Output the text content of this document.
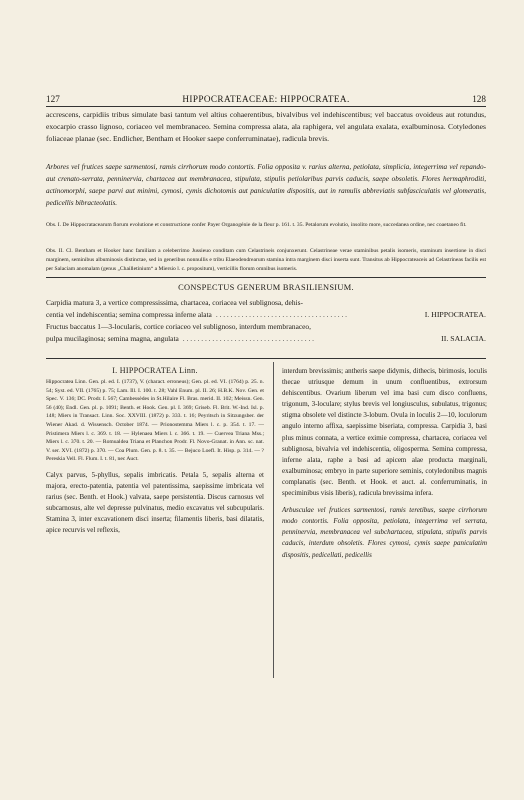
127	HIPPOCRATEACEAE: HIPPOCRATEA.	128
accrescens, carpidiis tribus simulate basi tantum vel altius cohaerentibus, bivalvibus vel indehiscentibus; vel baccatus ovoideus aut rotundus, exocarpio crasso lignoso, coriaceo vel membranaceo. Semina compressa alata, ala raphigera, vel angulata exalata, exalbuminosa. Cotyledones foliaceae planae (sec. Endlicher, Bentham et Hooker saepe conferruminatae), radicula brevis.
Arbores vel frutices saepe sarmentosi, ramis cirrhorum modo contortis. Folia opposita v. rarius alterna, petiolata, simplicia, integerrima vel repando- aut crenato-serrata, penninervia, chartacea aut membranacea, stipulata, stipulis petiolaribus parvis caducis, saepe obsoletis. Flores hermaphroditi, actinomorphi, saepe parvi aut minimi, cymosi, cymis dichotomis aut paniculatim dispositis, aut in ramulis abbreviatis subfasciculatis vel glomeratis, pedicellis bibracteolatis.
Obs. I. De Hippocratacearum florum evolutione et constructione confer Payer Organogénie de la fleur p. 161. t. 35. Petalorum evolutio, insolito more, succedanea ordine, nec coaetaneo fit.
Obs. II. Cl. Bentham et Hooker hanc familiam a celeberrimo Jussieuo conditam cum Celastrineis conjunxerunt. Celastrineae verae staminibus petalis isomeris, staminum insertione in disci marginem, seminibus albuminosis distinctae, sed in generibus nonnullis e tribu Elaeodendrearum stamina intra marginem disci inserta sunt. Transitus ab Hippocrateaceis ad Celastrineas facilis est per Salaciam anomalam (genus „Chailletinium“ a Miersio l. c. propositum), verticillis florum omnibus isomeris.
CONSPECTUS GENERUM BRASILIENSIUM.
Carpidia matura 3, a vertice compressissima, chartacea, coriacea vel sublignosa, dehis-
centia vel indehiscentia; semina compressa inferne alata . . . . . . . . . . . . . . . . . . . . . . . . . . . . . . . . . . . .	I. HIPPOCRATEA.
Fructus baccatus 1—3-locularis, cortice coriaceo vel sublignoso, interdum membranaceo,
pulpa mucilaginosa; semina magna, angulata . . . . . . . . . . . . . . . . . . . . . . . . . . . . . . . . . . . .	II. SALACIA.
I. HIPPOCRATEA Linn.
Hippocratea Linn. Gen. pl. ed. I. (1737), V. (charact. erroneus); Gen. pl. ed. VI. (1764) p. 25. n. 54; Syst. ed. VII. (1765) p. 75; Lam. Ill. I. 100. t. 28; Vahl Enum. pl. II. 26; H.B.K. Nov. Gen. et Spec. V. 136; DC. Prodr. I. 567; Cambessèdes in St.Hilaire Fl. Bras. merid. II. 102; Meissn. Gen. 56 (40); Endl. Gen. pl. p. 1091; Benth. et Hook. Gen. pl. I. 369; Griseb. Fl. Brit. W.-Ind. Isl. p. 148; Miers in Transact. Linn. Soc. XXVIII. (1872) p. 333. t. 16; Peyritsch in Sitzungsber. der Wiener Akad. d. Wissensch. October 1874. — Prionostemma Miers l. c. p. 354. t. 17. — Pristimera Miers l. c. 369. t. 18. — Hylenaea Miers l. c. 366. t. 19. — Cuervea Triana Mss.; Miers l. c. 370. t. 20. — Romualdea Triana et Planchon Prodr. Fl. Novo-Granat. in Ann. sc. nat. V. ser. XVI. (1872) p. 370. — Coa Plum. Gen. p. 8. t. 35. — Bejuco Loefl. It. Hisp. p. 314. — ? Pereskia Vell. Fl. Flum. I. t. 81, nec Auct.
Calyx parvus, 5-phyllus, sepalis imbricatis. Petala 5, sepalis alterna et majora, erecto-patentia, patentia vel patentissima, saepissime imbricata vel rarius (sec. Benth. et Hook.) valvata, saepe persistentia. Discus carnosus vel subcarnosus, alte vel depresse pulvinatus, medio excavatus vel subcupularis. Stamina 3, inter excavationem disci inserta; filamentis liberis, basi dilatatis, apice recurvis vel reflexis,
interdum brevissimis; antheris saepe didymis, dithecis, birimosis, loculis thecae utriusque demum in unum confluentibus, extrorsum dehiscentibus. Ovarium liberum vel ima basi cum disco confluens, trigonum, 3-loculare; stylus brevis vel longiusculus, subulatus, trigonus; stigma obsolete vel distincte 3-lobum. Ovula in loculis 2—10, loculorum angulo interno affixa, saepissime biseriata, compressa. Carpidia 3, basi plus minus connata, a vertice eximie compressa, chartacea, coriacea vel sublignosa, bivalvia vel indehiscentia, oligosperma. Semina compressa, inferne alata, raphe a basi ad apicem alae producta marginali, exalbuminosa; embryo in parte superiore seminis, cotyledonibus magnis complanatis (sec. Benth. et Hook. et auct. al. conferruminatis, in speciminibus visis liberis), radicula brevissima infera.
Arbusculae vel frutices sarmentosi, ramis teretibus, saepe cirrhorum modo contortis. Folia opposita, petiolata, integerrima vel serrata, penninervia, membranacea vel subchartacea, stipulata, stipulis parvis caducis, interdum obsoletis. Flores cymosi, cymis saepe paniculatim dispositis, pedicellati, pedicellis
